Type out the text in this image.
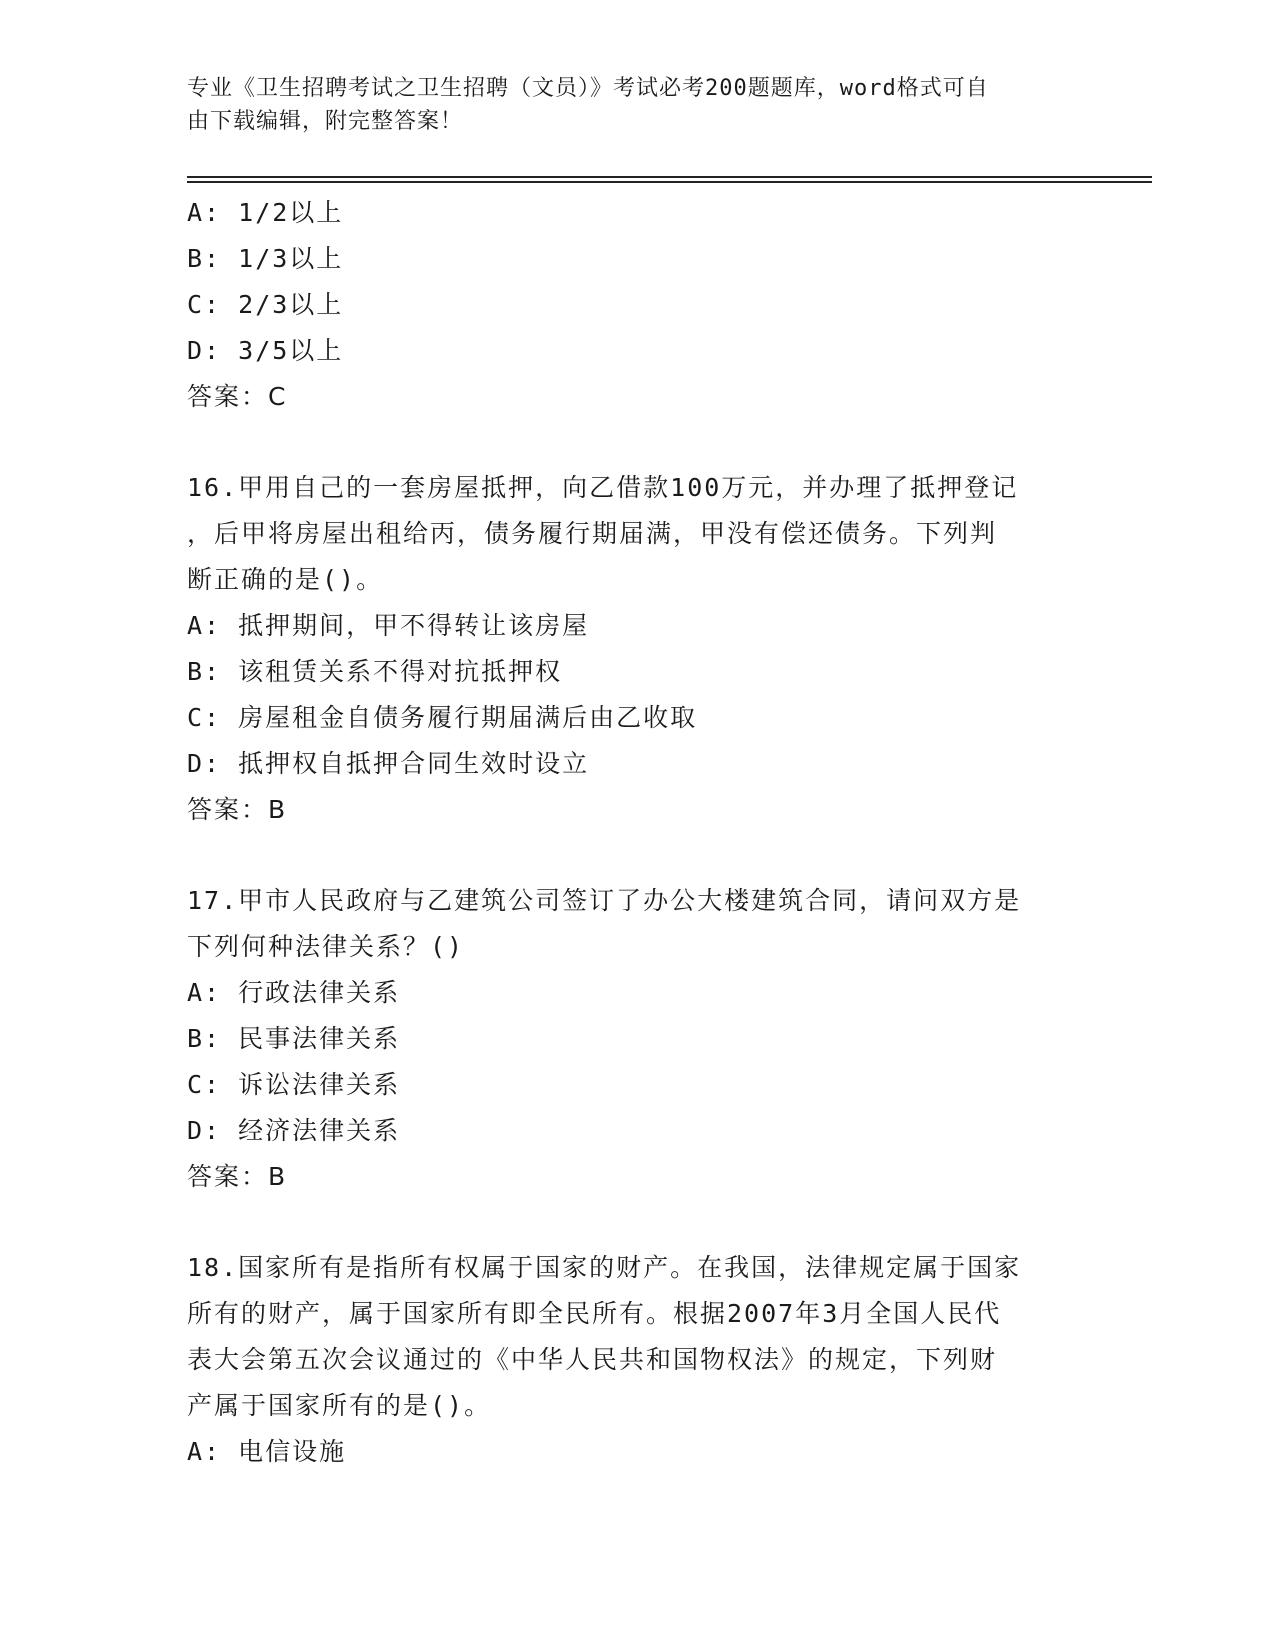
专业《卫生招聘考试之卫生招聘（文员）》考试必考200题题库，word格式可自
由下载编辑，附完整答案！
A: 1/2以上
B: 1/3以上
C: 2/3以上
D: 3/5以上
答案：C
16.甲用自己的一套房屋抵押，向乙借款100万元，并办理了抵押登记
，后甲将房屋出租给丙，债务履行期届满，甲没有偿还债务。下列判
断正确的是()。
A: 抵押期间，甲不得转让该房屋
B: 该租赁关系不得对抗抵押权
C: 房屋租金自债务履行期届满后由乙收取
D: 抵押权自抵押合同生效时设立
答案：B
17.甲市人民政府与乙建筑公司签订了办公大楼建筑合同，请问双方是
下列何种法律关系？()
A: 行政法律关系
B: 民事法律关系
C: 诉讼法律关系
D: 经济法律关系
答案：B
18.国家所有是指所有权属于国家的财产。在我国，法律规定属于国家
所有的财产，属于国家所有即全民所有。根据2007年3月全国人民代
表大会第五次会议通过的《中华人民共和国物权法》的规定，下列财
产属于国家所有的是()。
A: 电信设施
